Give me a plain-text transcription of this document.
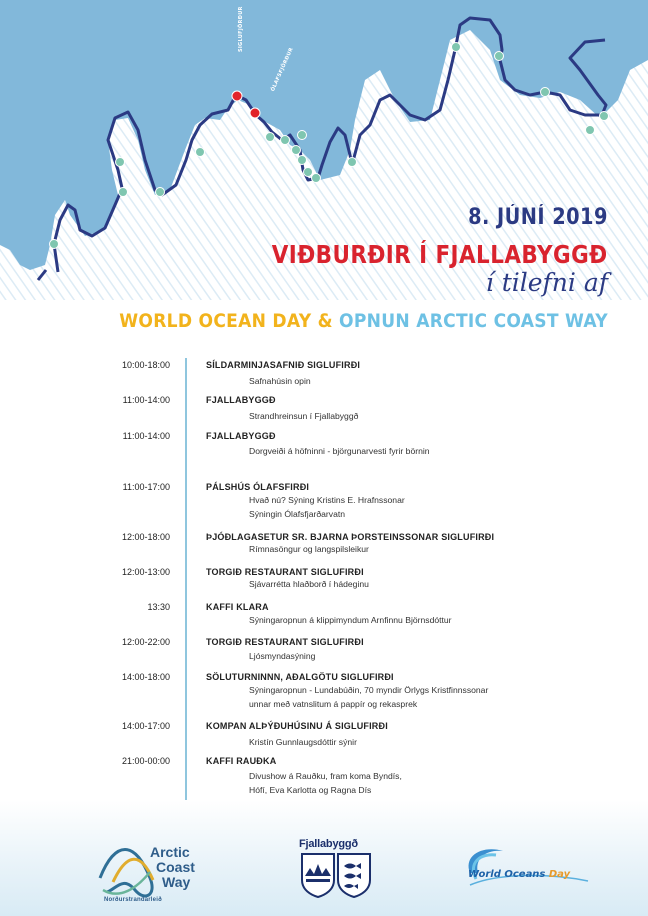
SIGLUFJÖRÐUR
ÓLAFSFJÖRÐUR
8. JÚNÍ 2019
VIÐBURÐIR Í FJALLABYGGÐ
í tilefni af
WORLD OCEAN DAY & OPNUN ARCTIC COAST WAY
10:00-18:00	SÍLDARMINJASAFNIÐ SIGLUFIRÐI
Safnahúsin opin
11:00-14:00	FJALLABYGGÐ
Strandhreinsun í Fjallabyggð
11:00-14:00	FJALLABYGGÐ
Dorgveiði á höfninni - björgunarvesti fyrir börnin
11:00-17:00	PÁLSHÚS ÓLAFSFIRÐI
Hvað nú? Sýning Kristins E. Hrafnssonar
Sýningin Ólafsfjarðarvatn
12:00-18:00	ÞJÓÐLAGASETUR SR. BJARNA ÞORSTEINSSONAR SIGLUFIRÐI
Rímnasöngur og langspilsleikur
12:00-13:00	TORGIÐ RESTAURANT SIGLUFIRÐI
Sjávarrétta hlaðborð í hádeginu
13:30	KAFFI KLARA
Sýningaropnun á klippimyndum Arnfinnu Björnsdóttur
12:00-22:00	TORGIÐ RESTAURANT SIGLUFIRÐI
Ljósmyndasýning
14:00-18:00	SÖLUTURNINNN, AÐALGÖTU SIGLUFIRÐI
Sýningaropnun - Lundabúðin, 70 myndir Örlygs Kristfinnssonar
unnar með vatnslitum á pappír og rekasprek
14:00-17:00	KOMPAN ALÞÝÐUHÚSINU Á SIGLUFIRÐI
Kristín Gunnlaugsdóttir sýnir
21:00-00:00	KAFFI RAUÐKA
Divushow á Rauðku, fram koma Byndís,
Hófí, Eva Karlotta og Ragna Dís
Arctic
Coast
Way
Norðurstrandarleið
Fjallabyggð
World Oceans Day
